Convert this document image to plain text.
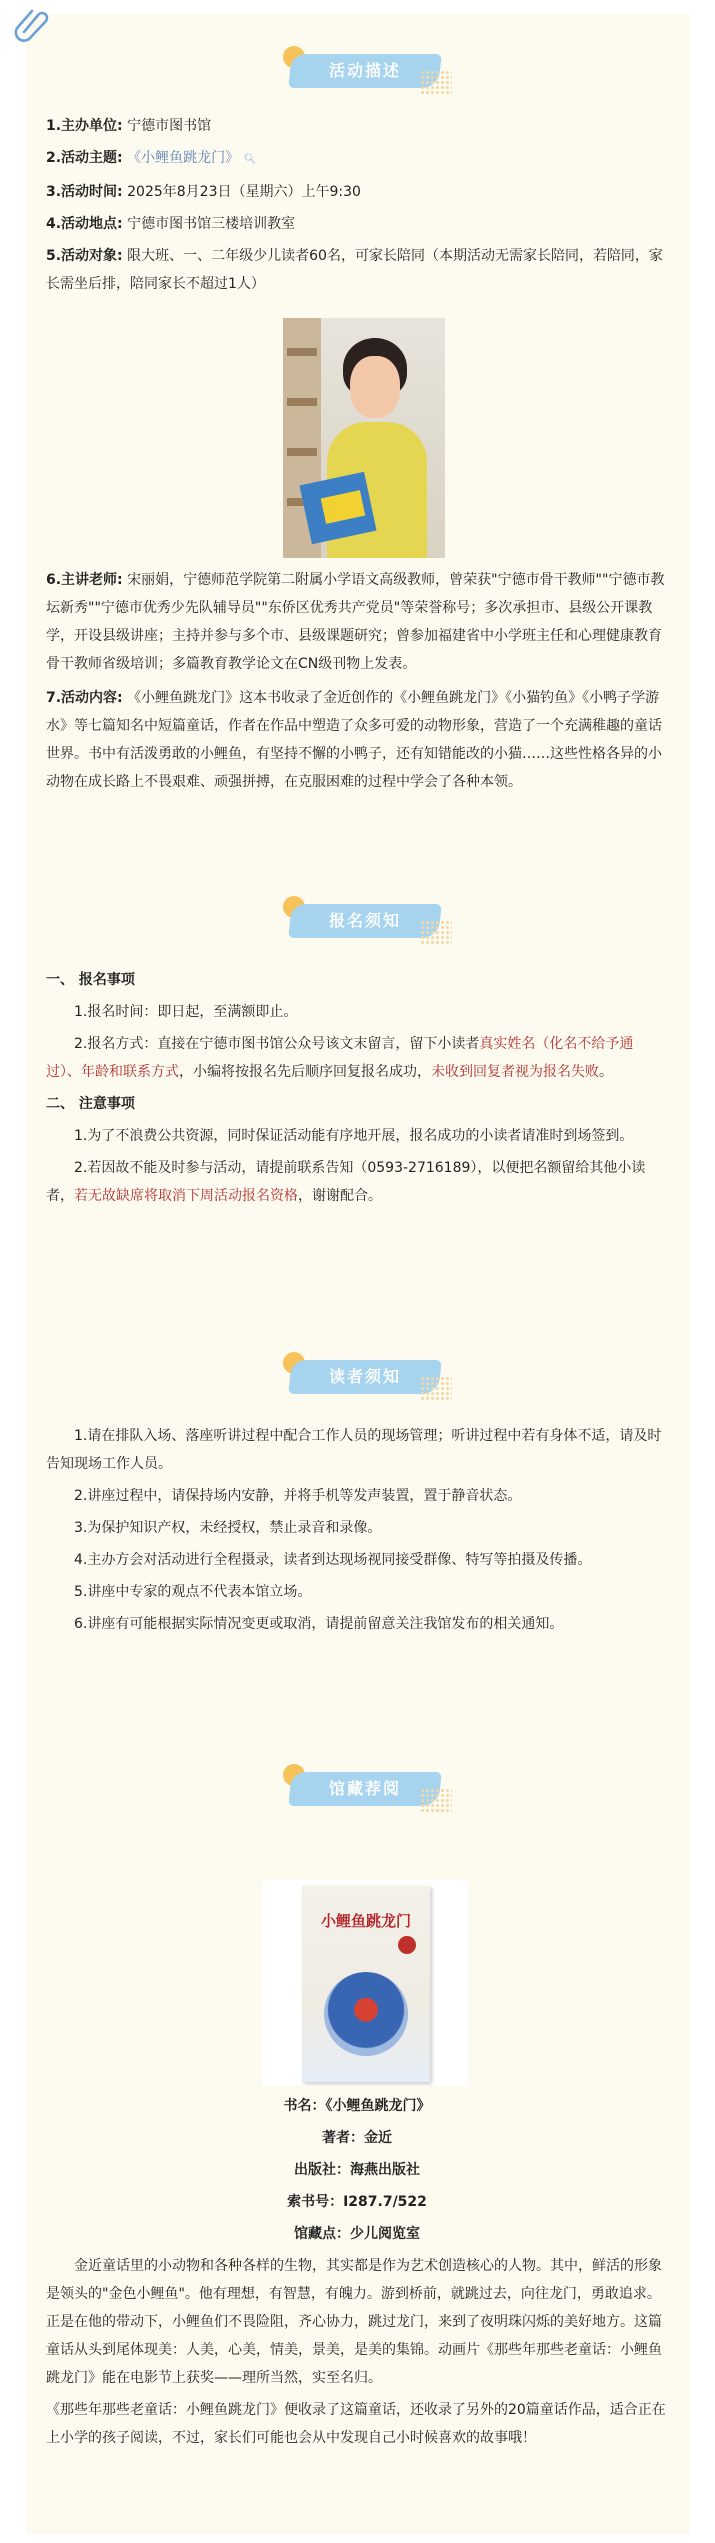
活动描述
1.主办单位: 宁德市图书馆
2.活动主题: 《小鲤鱼跳龙门》 🔍︎
3.活动时间: 2025年8月23日（星期六）上午9:30
4.活动地点: 宁德市图书馆三楼培训教室
5.活动对象: 限大班、一、二年级少儿读者60名，可家长陪同（本期活动无需家长陪同，若陪同，家长需坐后排，陪同家长不超过1人）
6.主讲老师: 宋丽娟，宁德师范学院第二附属小学语文高级教师，曾荣获"宁德市骨干教师""宁德市教坛新秀""宁德市优秀少先队辅导员""东侨区优秀共产党员"等荣誉称号；多次承担市、县级公开课教学，开设县级讲座；主持并参与多个市、县级课题研究；曾参加福建省中小学班主任和心理健康教育骨干教师省级培训；多篇教育教学论文在CN级刊物上发表。
7.活动内容: 《小鲤鱼跳龙门》这本书收录了金近创作的《小鲤鱼跳龙门》《小猫钓鱼》《小鸭子学游水》等七篇知名中短篇童话，作者在作品中塑造了众多可爱的动物形象，营造了一个充满稚趣的童话世界。书中有活泼勇敢的小鲤鱼，有坚持不懈的小鸭子，还有知错能改的小猫……这些性格各异的小动物在成长路上不畏艰难、顽强拼搏，在克服困难的过程中学会了各种本领。
报名须知
一、 报名事项
1.报名时间：即日起，至满额即止。
2.报名方式：直接在宁德市图书馆公众号该文末留言，留下小读者真实姓名（化名不给予通过）、年龄和联系方式，小编将按报名先后顺序回复报名成功，未收到回复者视为报名失败。
二、 注意事项
1.为了不浪费公共资源，同时保证活动能有序地开展，报名成功的小读者请准时到场签到。
2.若因故不能及时参与活动，请提前联系告知（0593-2716189），以便把名额留给其他小读者，若无故缺席将取消下周活动报名资格，谢谢配合。
读者须知
1.请在排队入场、落座听讲过程中配合工作人员的现场管理；听讲过程中若有身体不适，请及时告知现场工作人员。
2.讲座过程中，请保持场内安静，并将手机等发声装置，置于静音状态。
3.为保护知识产权，未经授权，禁止录音和录像。
4.主办方会对活动进行全程摄录，读者到达现场视同接受群像、特写等拍摄及传播。
5.讲座中专家的观点不代表本馆立场。
6.讲座有可能根据实际情况变更或取消，请提前留意关注我馆发布的相关通知。
馆藏荐阅
小鲤鱼跳龙门
书名：《小鲤鱼跳龙门》
著者：金近
出版社：海燕出版社
索书号：I287.7/522
馆藏点：少儿阅览室
金近童话里的小动物和各种各样的生物，其实都是作为艺术创造核心的人物。其中，鲜活的形象是领头的"金色小鲤鱼"。他有理想，有智慧，有魄力。游到桥前，就跳过去，向往龙门，勇敢追求。正是在他的带动下，小鲤鱼们不畏险阻，齐心协力，跳过龙门，来到了夜明珠闪烁的美好地方。这篇童话从头到尾体现美：人美，心美，情美，景美，是美的集锦。动画片《那些年那些老童话：小鲤鱼跳龙门》能在电影节上获奖——理所当然，实至名归。
《那些年那些老童话：小鲤鱼跳龙门》便收录了这篇童话，还收录了另外的20篇童话作品，适合正在上小学的孩子阅读，不过，家长们可能也会从中发现自己小时候喜欢的故事哦！
